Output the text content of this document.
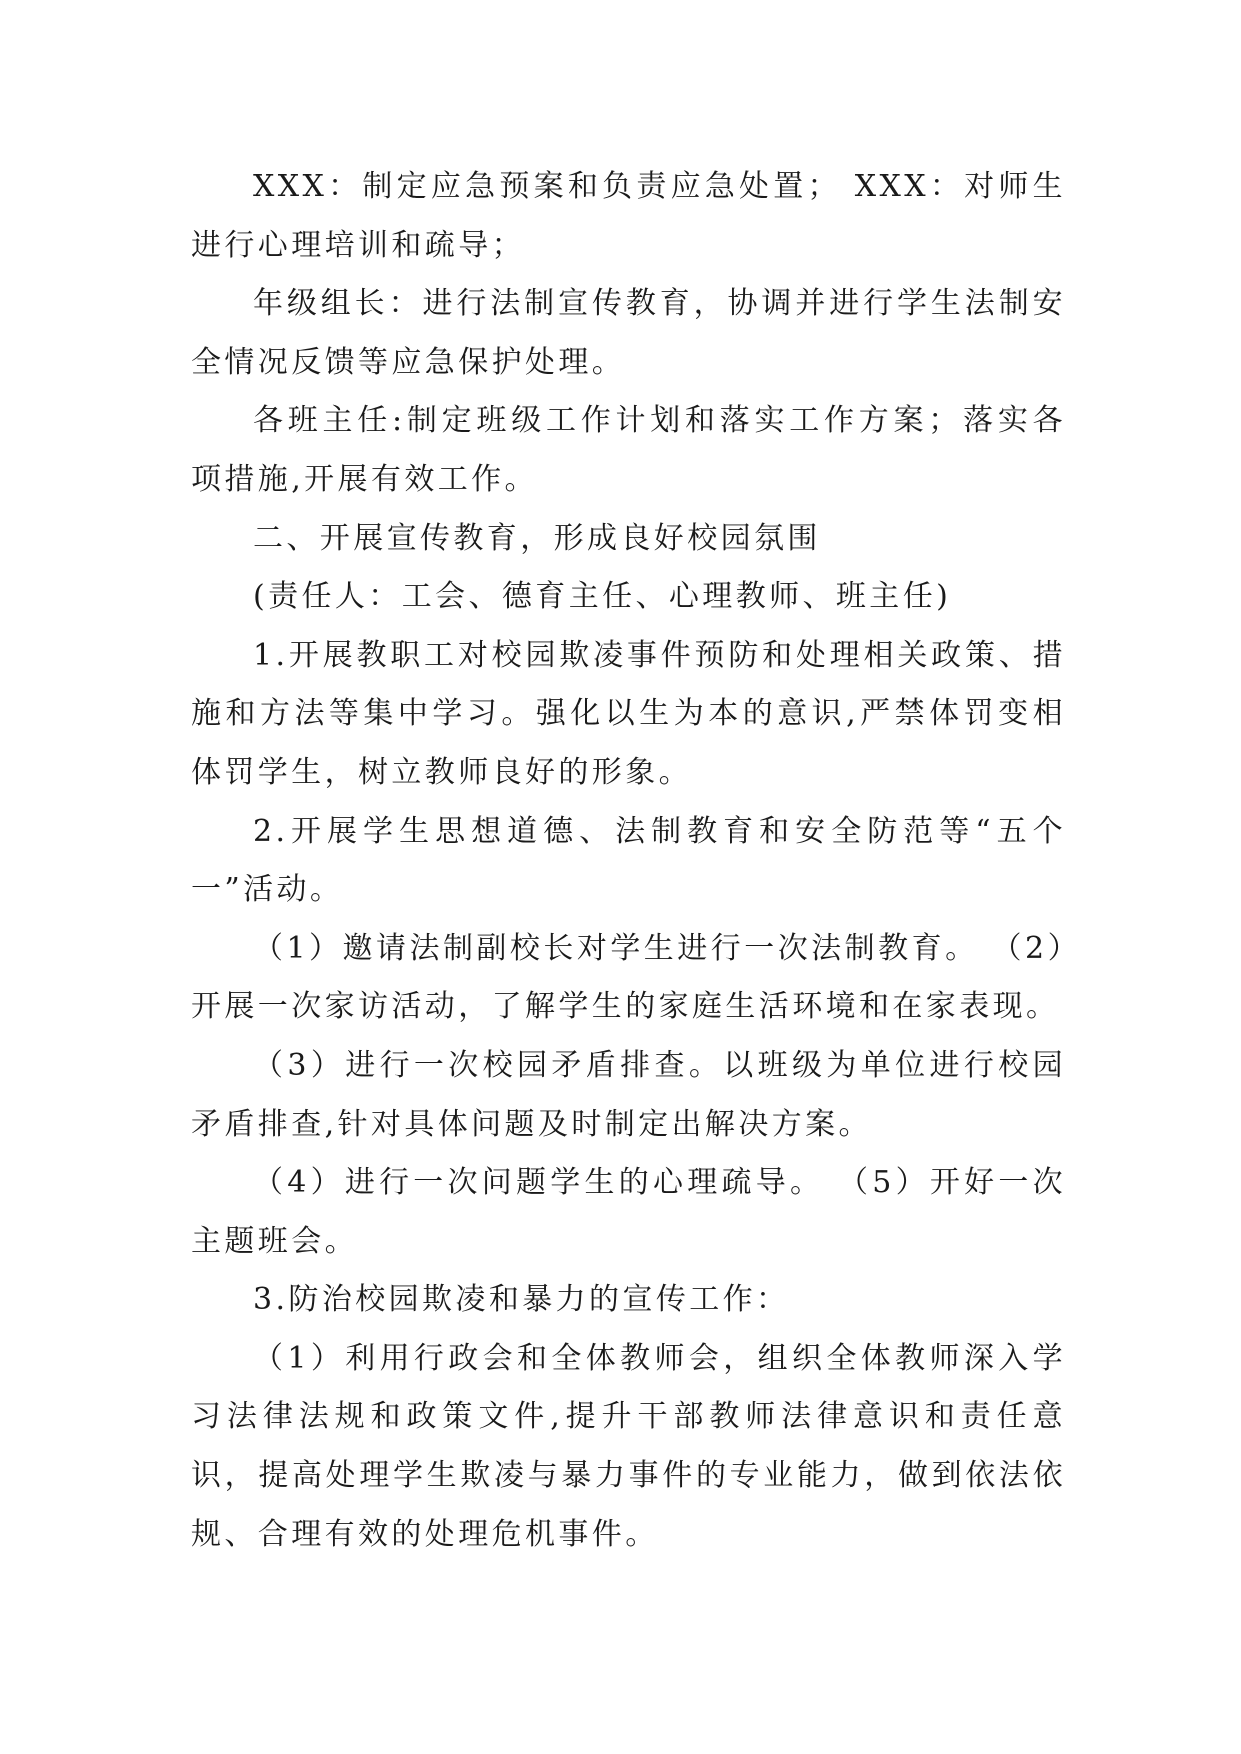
XXX：制定应急预案和负责应急处置； XXX：对师生进行心理培训和疏导；

年级组长：进行法制宣传教育，协调并进行学生法制安全情况反馈等应急保护处理。

各班主任:制定班级工作计划和落实工作方案；落实各项措施,开展有效工作。

二、开展宣传教育，形成良好校园氛围

(责任人：工会、德育主任、心理教师、班主任)

1.开展教职工对校园欺凌事件预防和处理相关政策、措施和方法等集中学习。强化以生为本的意识,严禁体罚变相体罚学生，树立教师良好的形象。

2.开展学生思想道德、法制教育和安全防范等“五个一”活动。

（1）邀请法制副校长对学生进行一次法制教育。 （2）开展一次家访活动，了解学生的家庭生活环境和在家表现。

（3）进行一次校园矛盾排查。以班级为单位进行校园矛盾排查,针对具体问题及时制定出解决方案。

（4）进行一次问题学生的心理疏导。 （5）开好一次主题班会。

3.防治校园欺凌和暴力的宣传工作：

（1）利用行政会和全体教师会，组织全体教师深入学习法律法规和政策文件,提升干部教师法律意识和责任意识，提高处理学生欺凌与暴力事件的专业能力，做到依法依规、合理有效的处理危机事件。
